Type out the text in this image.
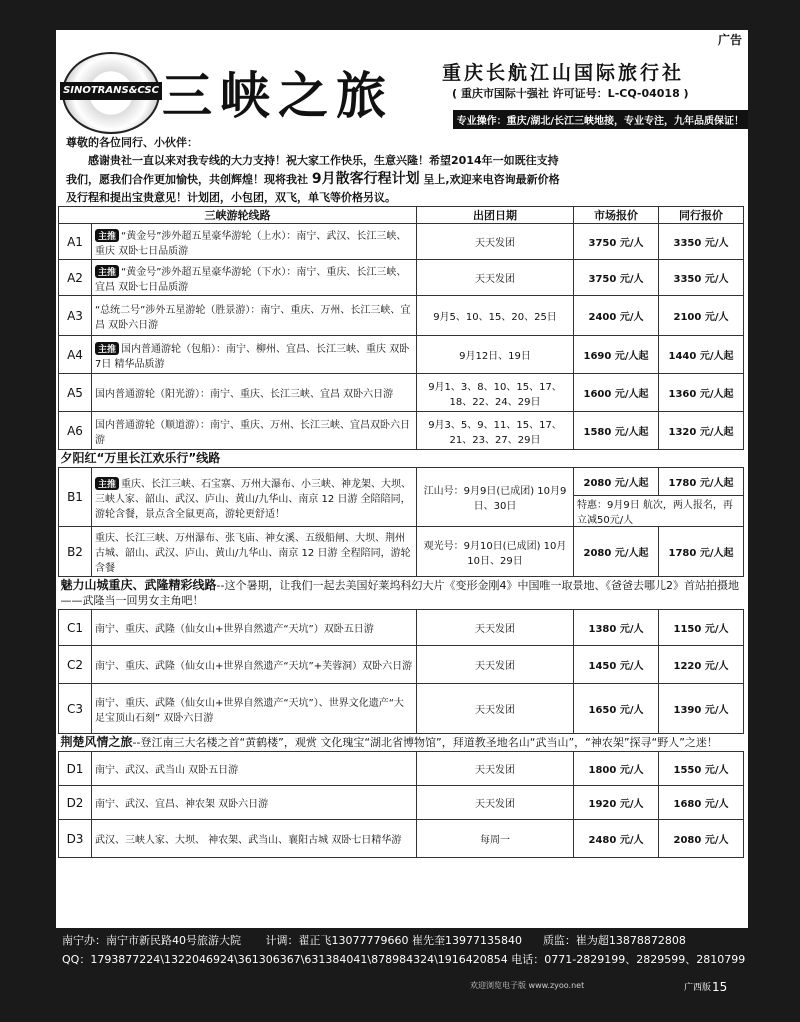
广告
SINOTRANS&CSC 三峡之旅	重庆长航江山国际旅行社
( 重庆市国际十强社 许可证号：L-CQ-04018 )
专业操作：重庆/湖北/长江三峡地接，专业专注，九年品质保证！

尊敬的各位同行、小伙伴：

感谢贵社一直以来对我专线的大力支持！祝大家工作快乐，生意兴隆！希望2014年一如既往支持

我们，愿我们合作更加愉快，共创辉煌！现将我社 9月散客行程计划 呈上,欢迎来电咨询最新价格

及行程和提出宝贵意见！计划团，小包团，双飞，单飞等价格另议。

三峡游轮线路		出团日期	市场报价	同行报价
A1	主推 “黄金号”涉外超五星豪华游轮（上水）：南宁、武汉、长江三峡、重庆 双卧七日品质游	天天发团	3750 元/人	3350 元/人
A2	主推 “黄金号”涉外超五星豪华游轮（下水）：南宁、重庆、长江三峡、宜昌 双卧七日品质游	天天发团	3750 元/人	3350 元/人
A3	“总统二号”涉外五星游轮（胜景游）：南宁、重庆、万州、长江三峡、宜昌 双卧六日游	9月5、10、15、20、25日	2400 元/人	2100 元/人
A4	主推 国内普通游轮（包船）：南宁、柳州、宜昌、长江三峡、重庆 双卧7日 精华品质游	9月12日、19日	1690 元/人起	1440 元/人起
A5	国内普通游轮（阳光游）：南宁、重庆、长江三峡、宜昌 双卧六日游	9月1、3、8、10、15、17、18、22、24、29日	1600 元/人起	1360 元/人起
A6	国内普通游轮（顺道游）：南宁、重庆、万州、长江三峡、宜昌双卧六日游	9月3、5、9、11、15、17、21、23、27、29日	1580 元/人起	1320 元/人起
夕阳红“万里长江欢乐行”线路				
B1	主推 重庆、长江三峡、石宝寨、万州大瀑布、小三峡、神龙架、大坝、三峡人家、韶山、武汉、庐山、黄山/九华山、南京 12 日游 全陪陪同，游轮含餐，景点含全鼠更高，游轮更舒适！	江山号：9月9日(已成团) 10月9日、30日	2080 元/人起	1780 元/人起
			特惠：9月9日 航次，两人报名，再立减50元/人	
B2	重庆、长江三峡、万州瀑布、张飞庙、神女溪、五级船闸、大坝、荆州古城、韶山、武汉、庐山、黄山/九华山、南京 12 日游 全程陪同，游轮含餐	观光号：9月10日(已成团) 10月10日、29日	2080 元/人起	1780 元/人起
魅力山城重庆、武隆精彩线路--这个暑期，让我们一起去美国好莱坞科幻大片《变形金刚4》中国唯一取景地、《爸爸去哪儿2》首站拍摄地 ——武隆当一回男女主角吧！				
C1	南宁、重庆、武隆（仙女山+世界自然遗产“天坑”）双卧五日游	天天发团	1380 元/人	1150 元/人
C2	南宁、重庆、武隆（仙女山+世界自然遗产“天坑”+芙蓉洞）双卧六日游	天天发团	1450 元/人	1220 元/人
C3	南宁、重庆、武隆（仙女山+世界自然遗产“天坑”）、世界文化遗产“大足宝顶山石刻” 双卧六日游	天天发团	1650 元/人	1390 元/人
荆楚风情之旅--登江南三大名楼之首“黄鹤楼”，观赏 文化瑰宝“湖北省博物馆”，拜道教圣地名山“武当山”，“神农架”探寻“野人”之迷！				
D1	南宁、武汉、武当山 双卧五日游	天天发团	1800 元/人	1550 元/人
D2	南宁、武汉、宜昌、神农架 双卧六日游	天天发团	1920 元/人	1680 元/人
D3	武汉、三峡人家、大坝、 神农架、武当山、襄阳古城 双卧七日精华游	每周一	2480 元/人	2080 元/人
南宁办：南宁市新民路40号旅游大院 计调：翟正飞13077779660 崔先奎13977135840 质监：崔为超13878872808
QQ：1793877224\1322046924\361306367\631384041\878984324\1916420854 电话：0771-2829199、2829599、2810799
欢迎浏览电子版 www.zyoo.net	广西版 15
